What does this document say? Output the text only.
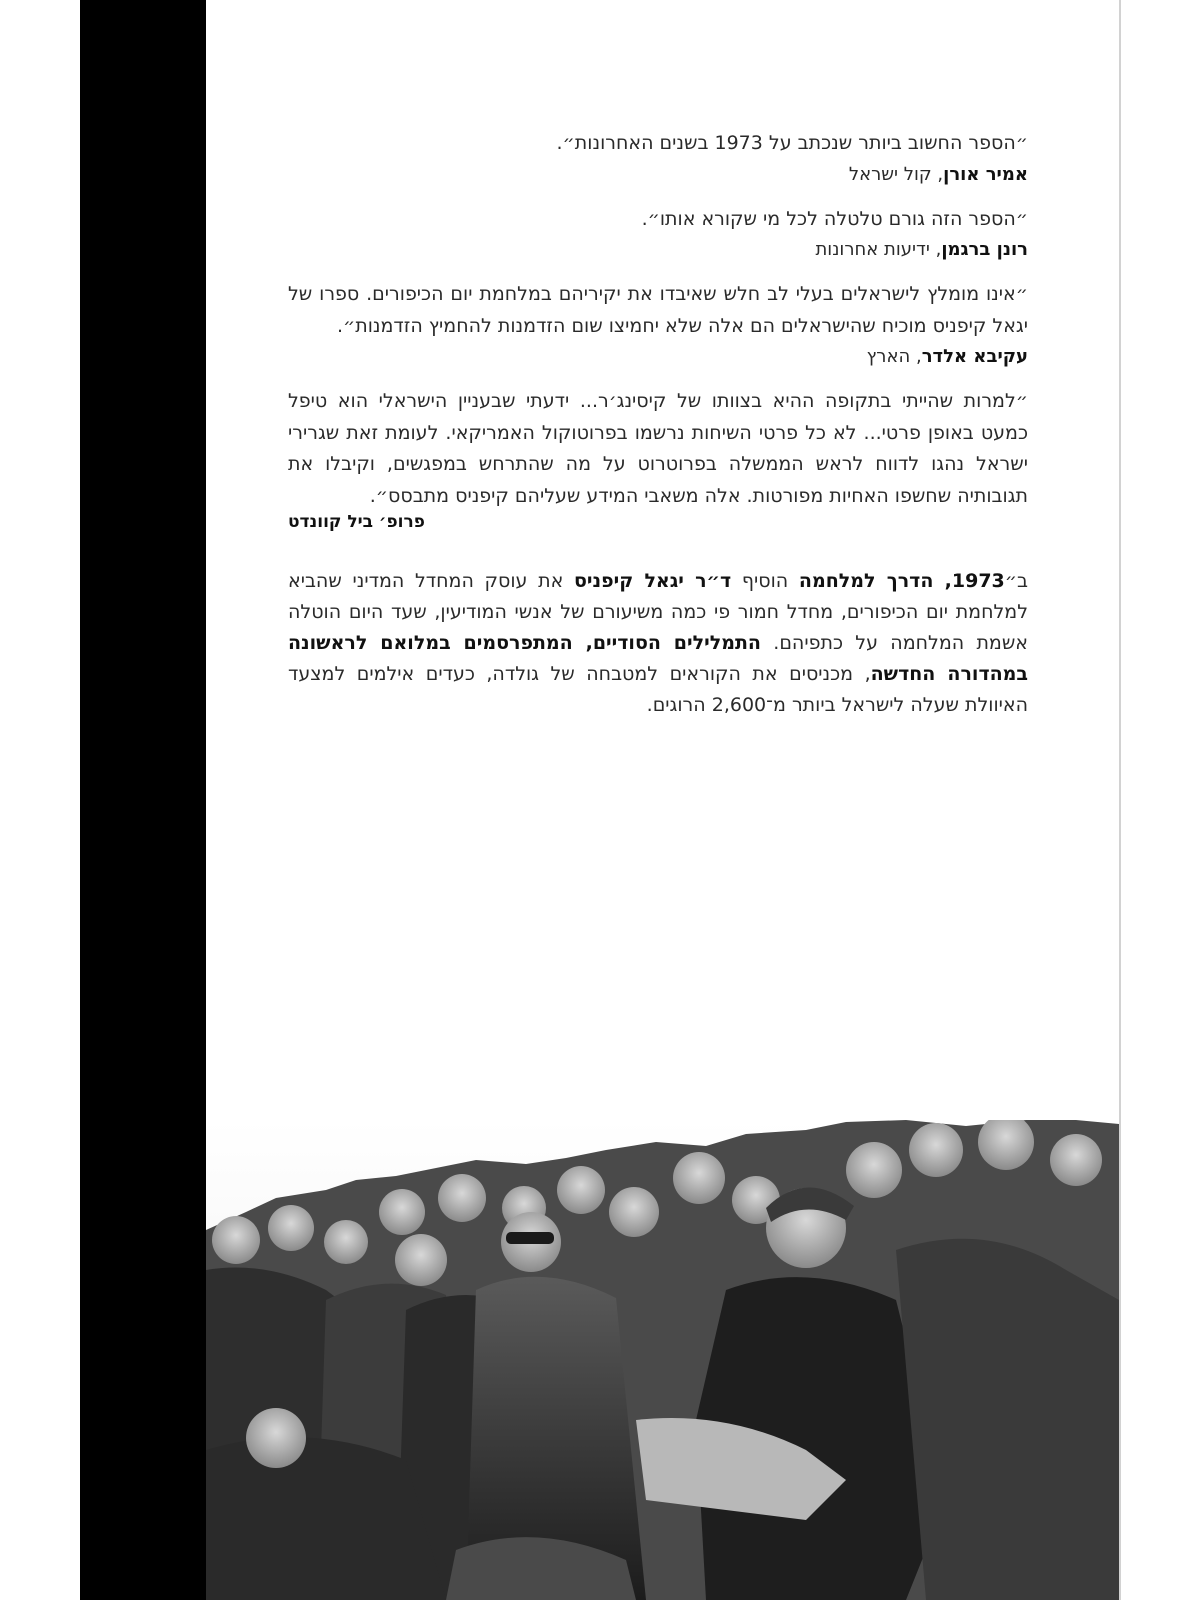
״הספר החשוב ביותר שנכתב על 1973 בשנים האחרונות״.

אמיר אורן, קול ישראל

״הספר הזה גורם טלטלה לכל מי שקורא אותו״.

רונן ברגמן, ידיעות אחרונות

״אינו מומלץ לישראלים בעלי לב חלש שאיבדו את יקיריהם במלחמת יום הכיפורים. ספרו של יגאל קיפניס מוכיח שהישראלים הם אלה שלא יחמיצו שום הזדמנות להחמיץ הזדמנות״.

עקיבא אלדר, הארץ

״למרות שהייתי בתקופה ההיא בצוותו של קיסינג׳ר... ידעתי שבעניין הישראלי הוא טיפל כמעט באופן פרטי... לא כל פרטי השיחות נרשמו בפרוטוקול האמריקאי. לעומת זאת שגרירי ישראל נהגו לדווח לראש הממשלה בפרוטרוט על מה שהתרחש במפגשים, וקיבלו את תגובותיה שחשפו האחיות מפורטות. אלה משאבי המידע שעליהם קיפניס מתבסס״.

פרופ׳ ביל קוונדט

ב״1973, הדרך למלחמה הוסיף ד״ר יגאל קיפניס את עוסק המחדל המדיני שהביא למלחמת יום הכיפורים, מחדל חמור פי כמה משיעורם של אנשי המודיעין, שעד היום הוטלה אשמת המלחמה על כתפיהם. התמלילים הסודיים, המתפרסמים במלואם לראשונה במהדורה החדשה, מכניסים את הקוראים למטבחה של גולדה, כעדים אילמים למצעד האיוולת שעלה לישראל ביותר מ־2,600 הרוגים.
